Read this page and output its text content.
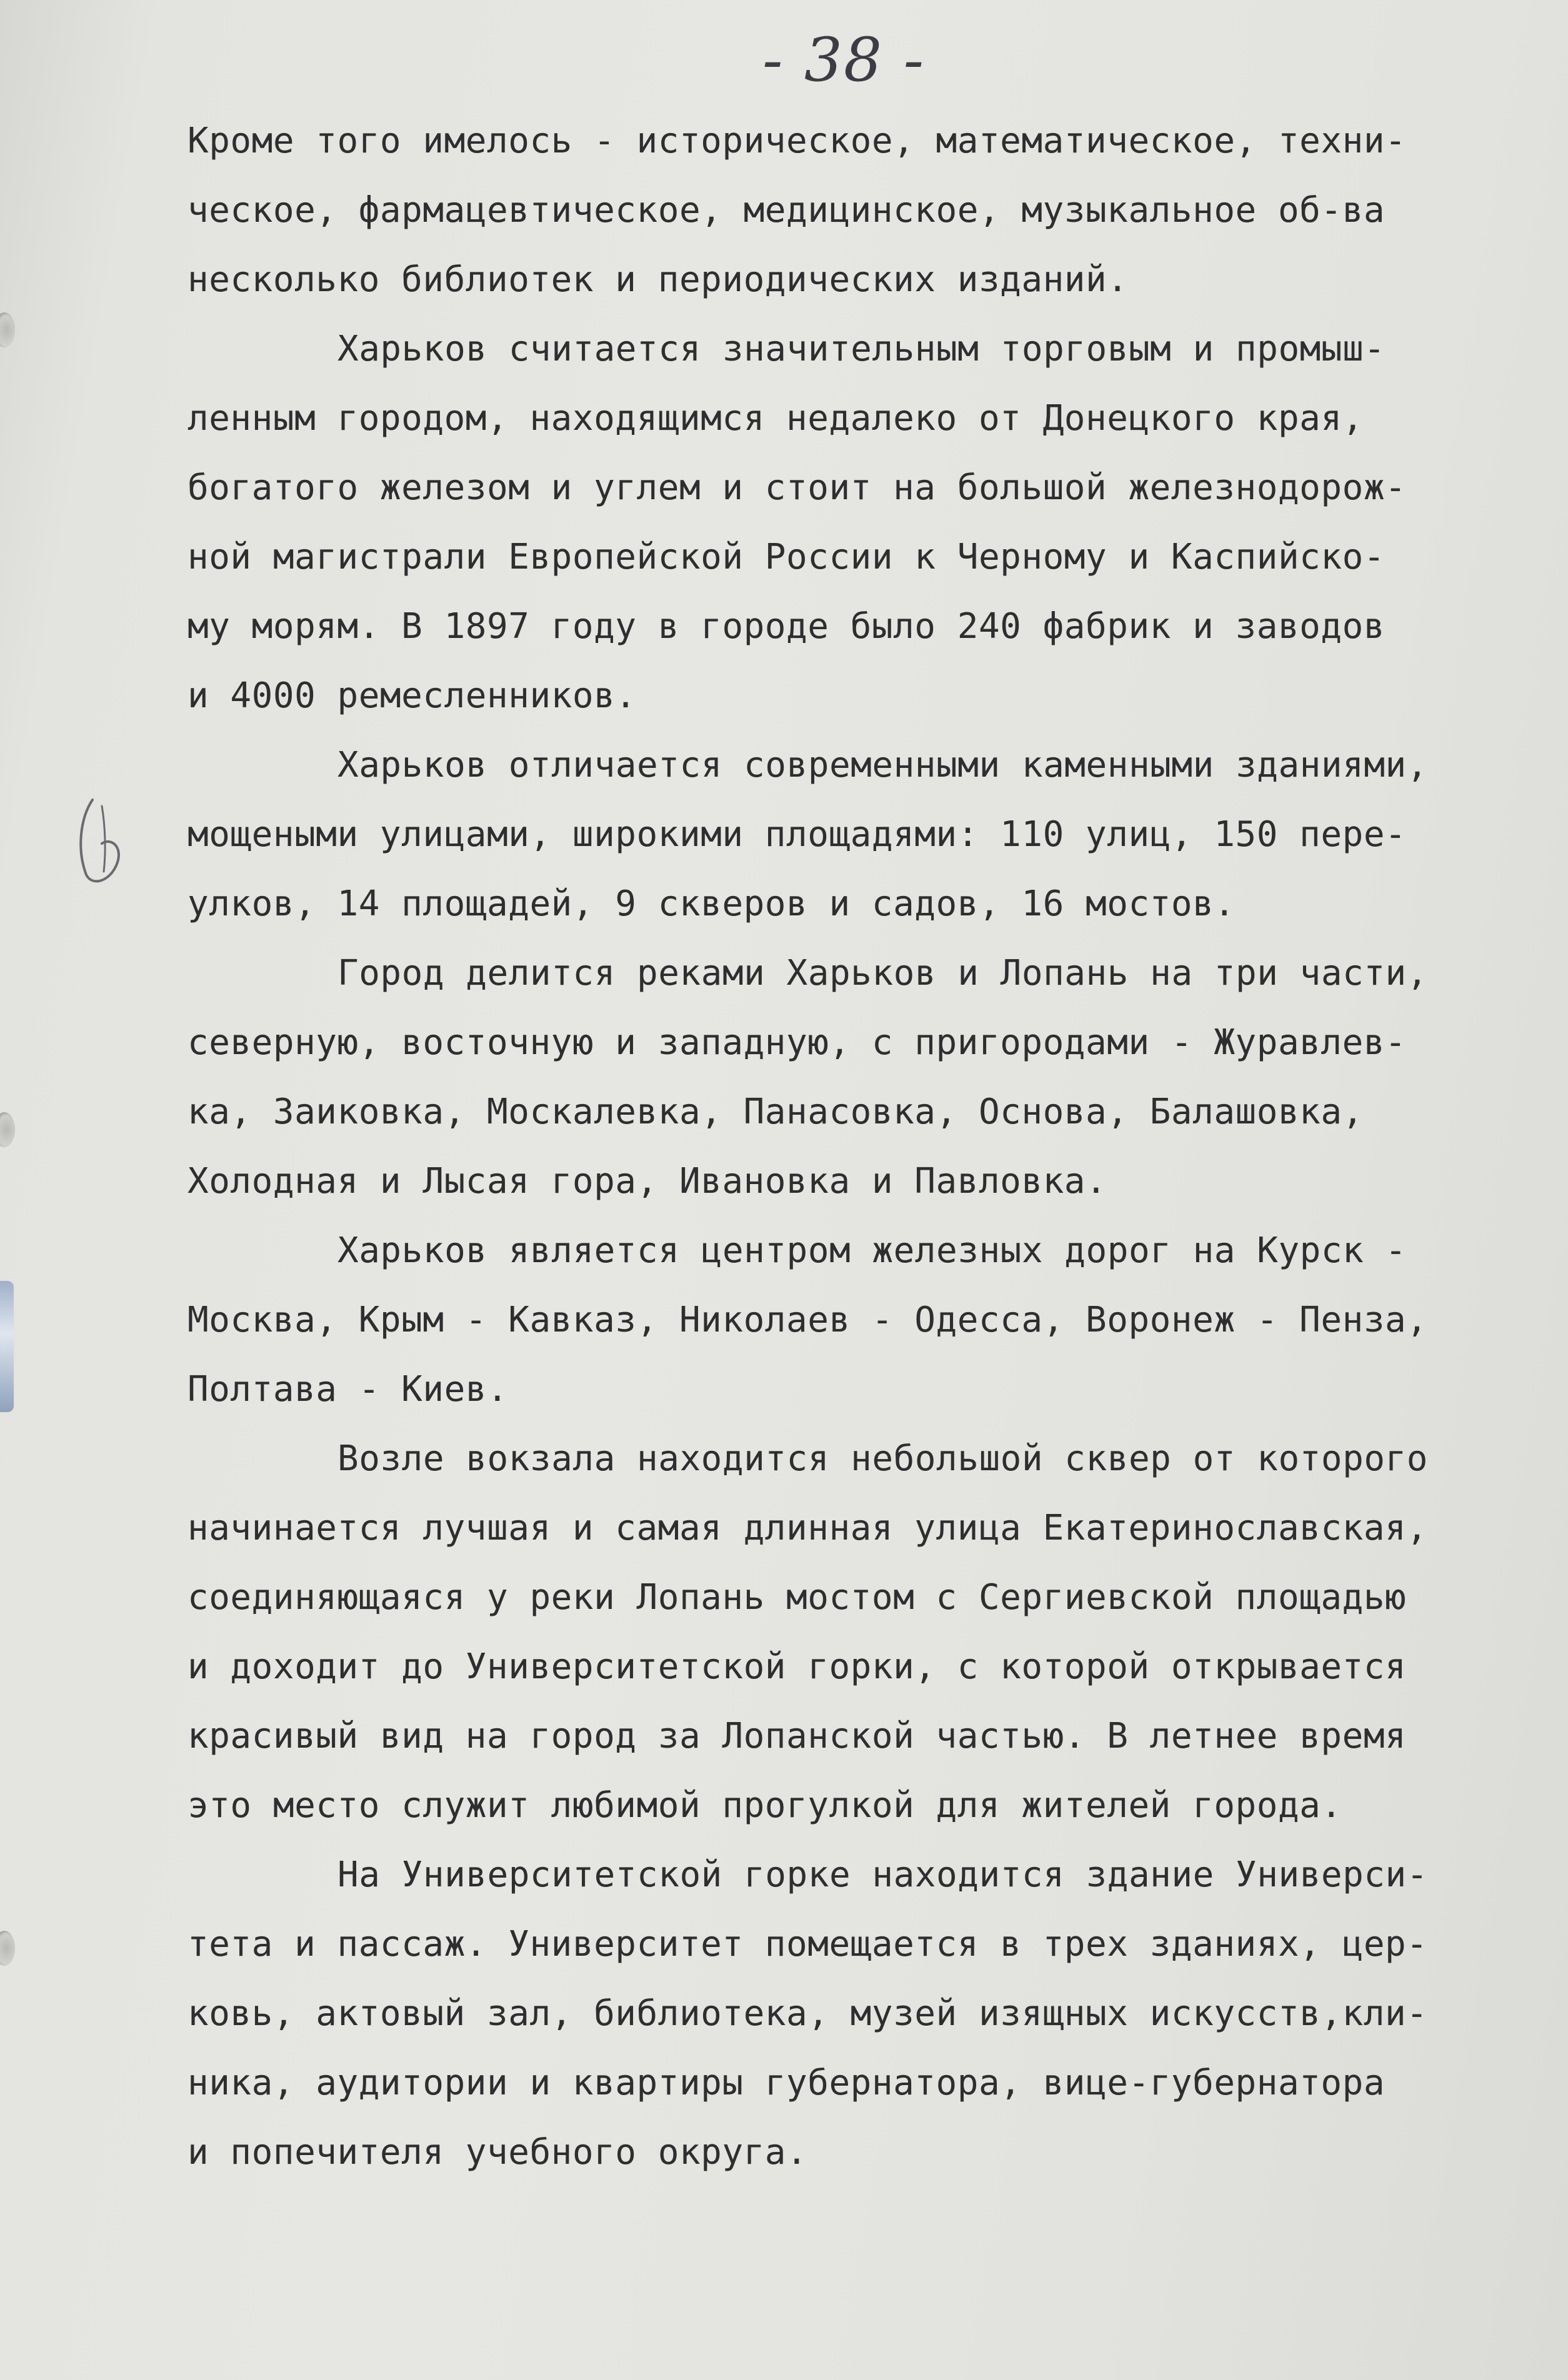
- 38 -
Кроме того имелось - историческое, математическое, техни-
ческое, фармацевтическое, медицинское, музыкальное об-ва
несколько библиотек и периодических изданий.
Харьков считается значительным торговым и промыш-
ленным городом, находящимся недалеко от Донецкого края,
богатого железом и углем и стоит на большой железнодорож-
ной магистрали Европейской России к Черному и Каспийско-
му морям. В 1897 году в городе было 240 фабрик и заводов
и 4000 ремесленников.
Харьков отличается современными каменными зданиями,
мощеными улицами, широкими площадями: 110 улиц, 150 пере-
улков, 14 площадей, 9 скверов и садов, 16 мостов.
Город делится реками Харьков и Лопань на три части,
северную, восточную и западную, с пригородами - Журавлев-
ка, Заиковка, Москалевка, Панасовка, Основа, Балашовка,
Холодная и Лысая гора, Ивановка и Павловка.
Харьков является центром железных дорог на Курск -
Москва, Крым - Кавказ, Николаев - Одесса, Воронеж - Пенза,
Полтава - Киев.
Возле вокзала находится небольшой сквер от которого
начинается лучшая и самая длинная улица Екатеринославская,
соединяющаяся у реки Лопань мостом с Сергиевской площадью
и доходит до Университетской горки, с которой открывается
красивый вид на город за Лопанской частью. В летнее время
это место служит любимой прогулкой для жителей города.
На Университетской горке находится здание Универси-
тета и пассаж. Университет помещается в трех зданиях, цер-
ковь, актовый зал, библиотека, музей изящных искусств,кли-
ника, аудитории и квартиры губернатора, вице-губернатора
и попечителя учебного округа.
